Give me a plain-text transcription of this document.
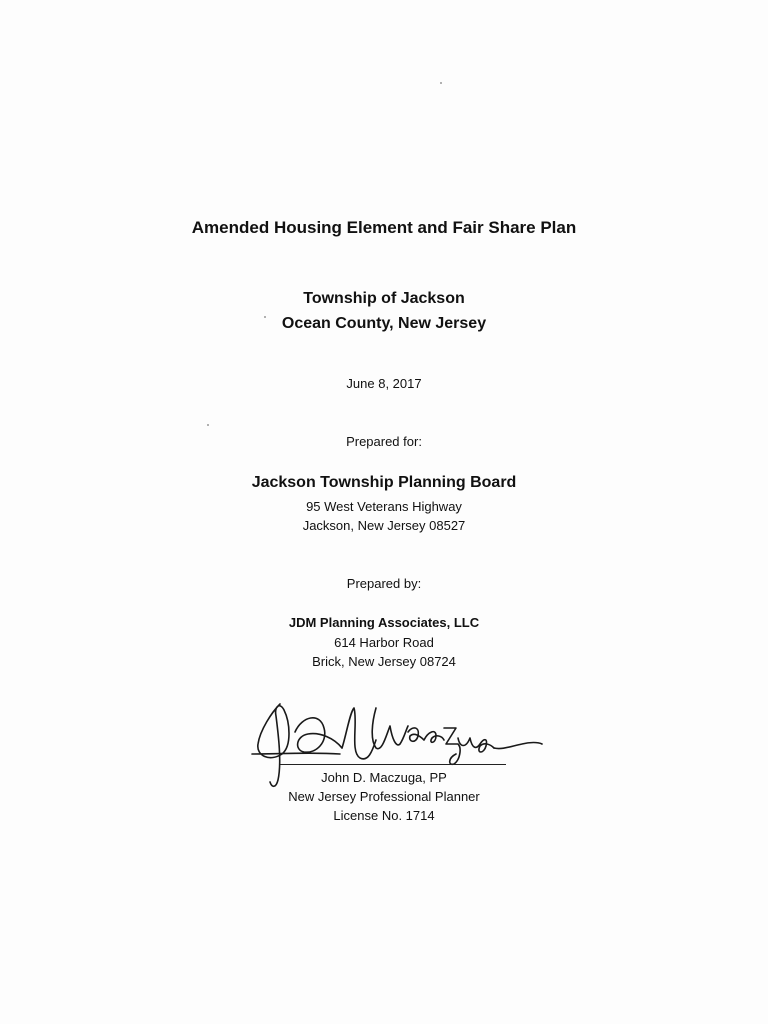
Amended Housing Element and Fair Share Plan
Township of Jackson
Ocean County, New Jersey
June 8, 2017
Prepared for:
Jackson Township Planning Board
95 West Veterans Highway
Jackson, New Jersey 08527
Prepared by:
JDM Planning Associates, LLC
614 Harbor Road
Brick, New Jersey 08724
John D. Maczuga, PP
New Jersey Professional Planner
License No. 1714
